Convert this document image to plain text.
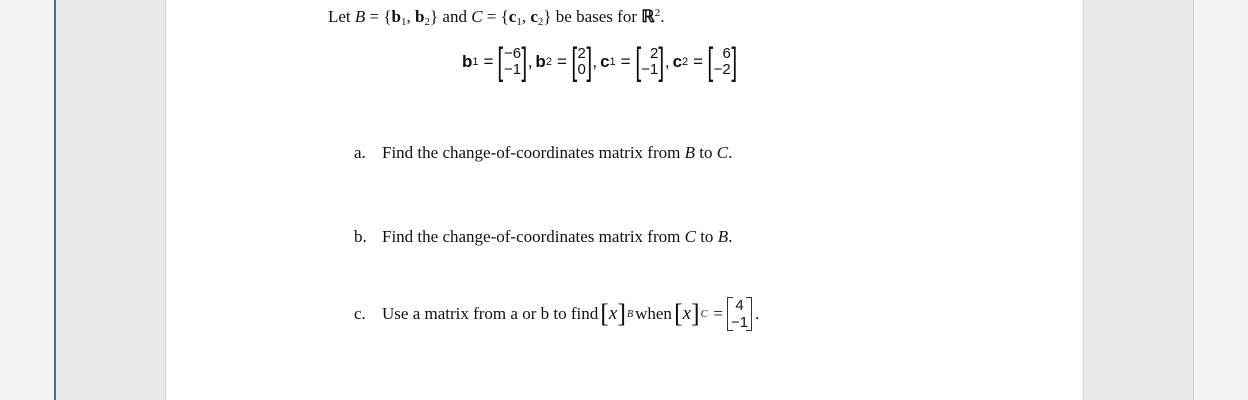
Let $B = \{b_1$, $b_2$} and $C = \{c_1$, $c_2$} be bases for ℝ$^2$.
b 1 = [ −6
−1 ] , b 2 = [ 2
0 ] , c 1 = [ 2
−1 ] , c 2 = [ 6
−2 ]
a. Find the change-of-coordinates matrix from B to C.
b. Find the change-of-coordinates matrix from C to B.
c. Use a matrix from a or b to find [ x ] B when [ x ] C = 4
−1 .
